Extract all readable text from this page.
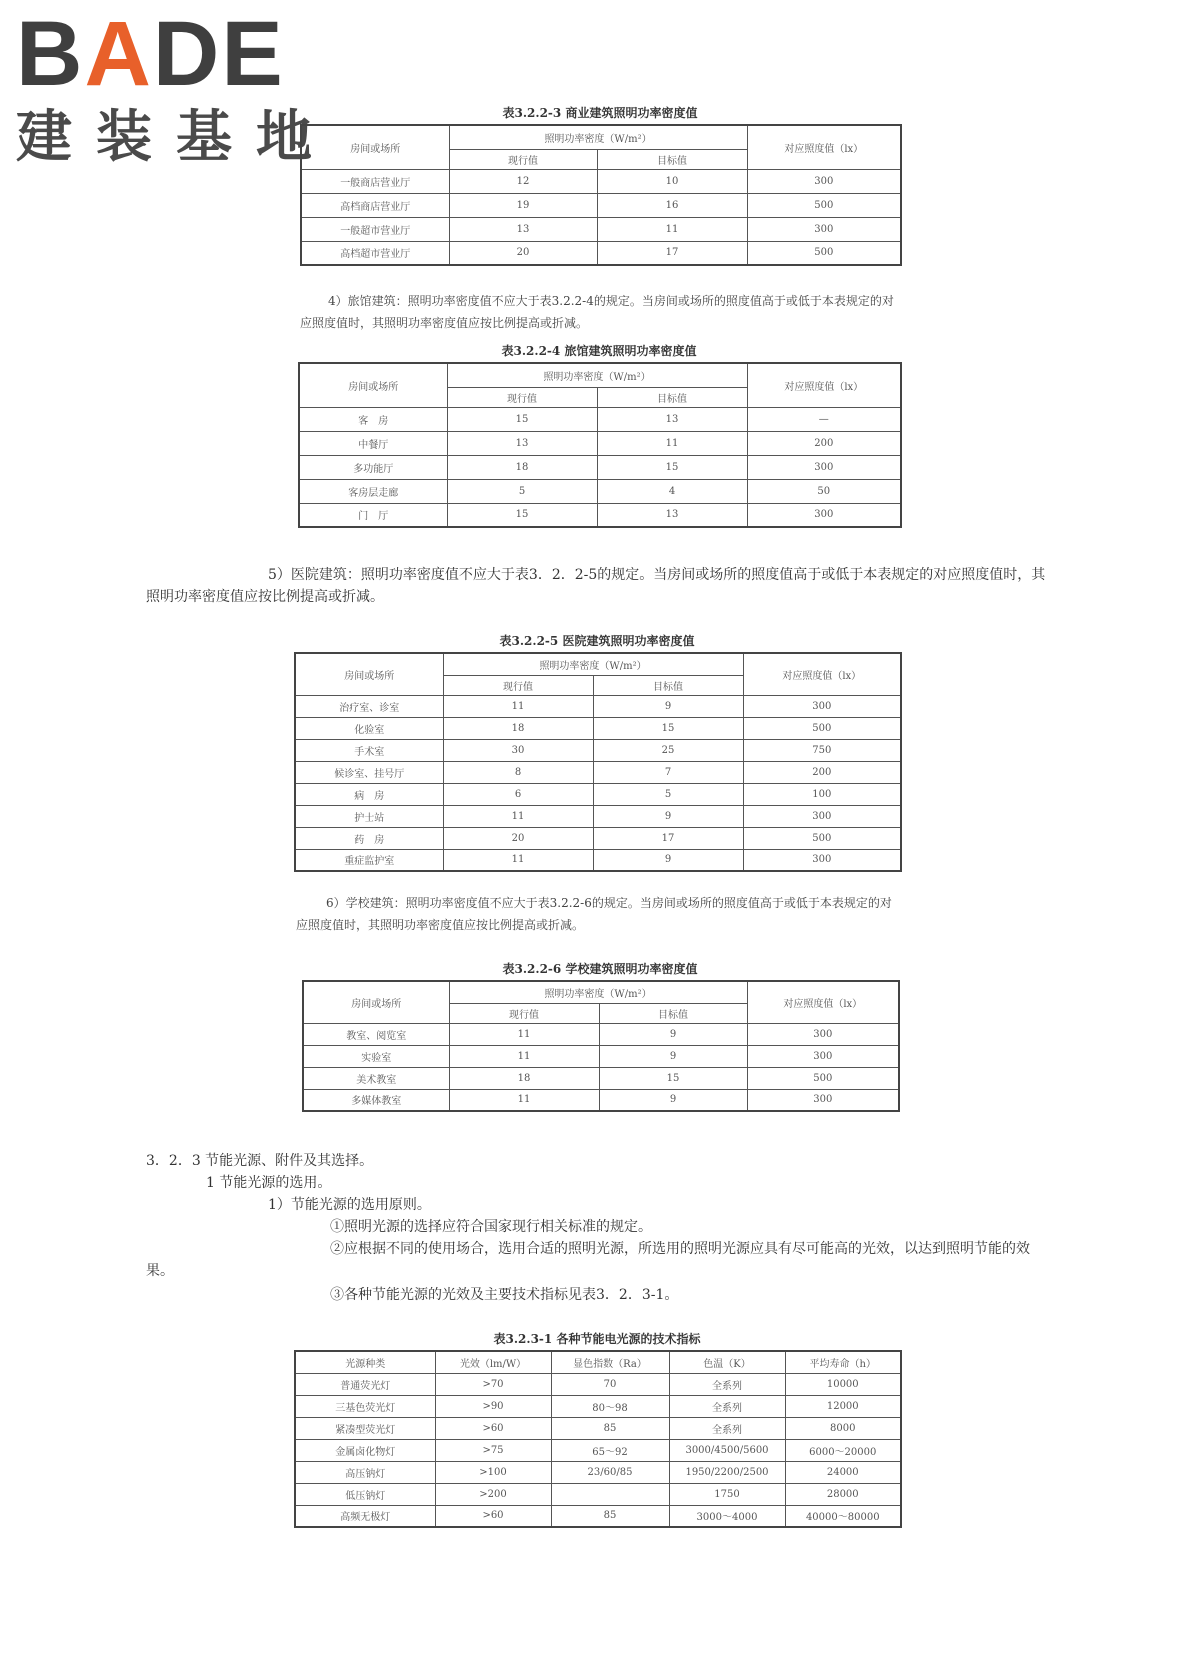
BADE
建装基地	表3.2.2-3 商业建筑照明功率密度值
房间或场所	照明功率密度（W/m²）		对应照度值（lx）
	现行值	目标值	
一般商店营业厅	12	10	300
高档商店营业厅	19	16	500
一般超市营业厅	13	11	300
高档超市营业厅	20	17	500
4）旅馆建筑：照明功率密度值不应大于表3.2.2-4的规定。当房间或场所的照度值高于或低于本表规定的对应照度值时，其照明功率密度值应按比例提高或折减。
表3.2.2-4 旅馆建筑照明功率密度值
房间或场所	照明功率密度（W/m²）		对应照度值（lx）
	现行值	目标值	
客　房	15	13	—
中餐厅	13	11	200
多功能厅	18	15	300
客房层走廊	5	4	50
门　厅	15	13	300
5）医院建筑：照明功率密度值不应大于表3．2．2-5的规定。当房间或场所的照度值高于或低于本表规定的对应照度值时，其照明功率密度值应按比例提高或折减。
表3.2.2-5 医院建筑照明功率密度值
房间或场所	照明功率密度（W/m²）		对应照度值（lx）
	现行值	目标值	
治疗室、诊室	11	9	300
化验室	18	15	500
手术室	30	25	750
候诊室、挂号厅	8	7	200
病　房	6	5	100
护士站	11	9	300
药　房	20	17	500
重症监护室	11	9	300
6）学校建筑：照明功率密度值不应大于表3.2.2-6的规定。当房间或场所的照度值高于或低于本表规定的对应照度值时，其照明功率密度值应按比例提高或折减。
表3.2.2-6 学校建筑照明功率密度值
房间或场所	照明功率密度（W/m²）		对应照度值（lx）
	现行值	目标值	
教室、阅览室	11	9	300
实验室	11	9	300
美术教室	18	15	500
多媒体教室	11	9	300
3．2．3 节能光源、附件及其选择。
1 节能光源的选用。
1）节能光源的选用原则。
①照明光源的选择应符合国家现行相关标准的规定。
②应根据不同的使用场合，选用合适的照明光源，所选用的照明光源应具有尽可能高的光效，以达到照明节能的效果。
③各种节能光源的光效及主要技术指标见表3．2．3-1。
表3.2.3-1 各种节能电光源的技术指标
光源种类	光效（lm/W）	显色指数（Ra）	色温（K）	平均寿命（h）
普通荧光灯	>70	70	全系列	10000
三基色荧光灯	>90	80～98	全系列	12000
紧凑型荧光灯	>60	85	全系列	8000
金属卤化物灯	>75	65～92	3000/4500/5600	6000～20000
高压钠灯	>100	23/60/85	1950/2200/2500	24000
低压钠灯	>200		1750	28000
高频无极灯	>60	85	3000～4000	40000～80000
